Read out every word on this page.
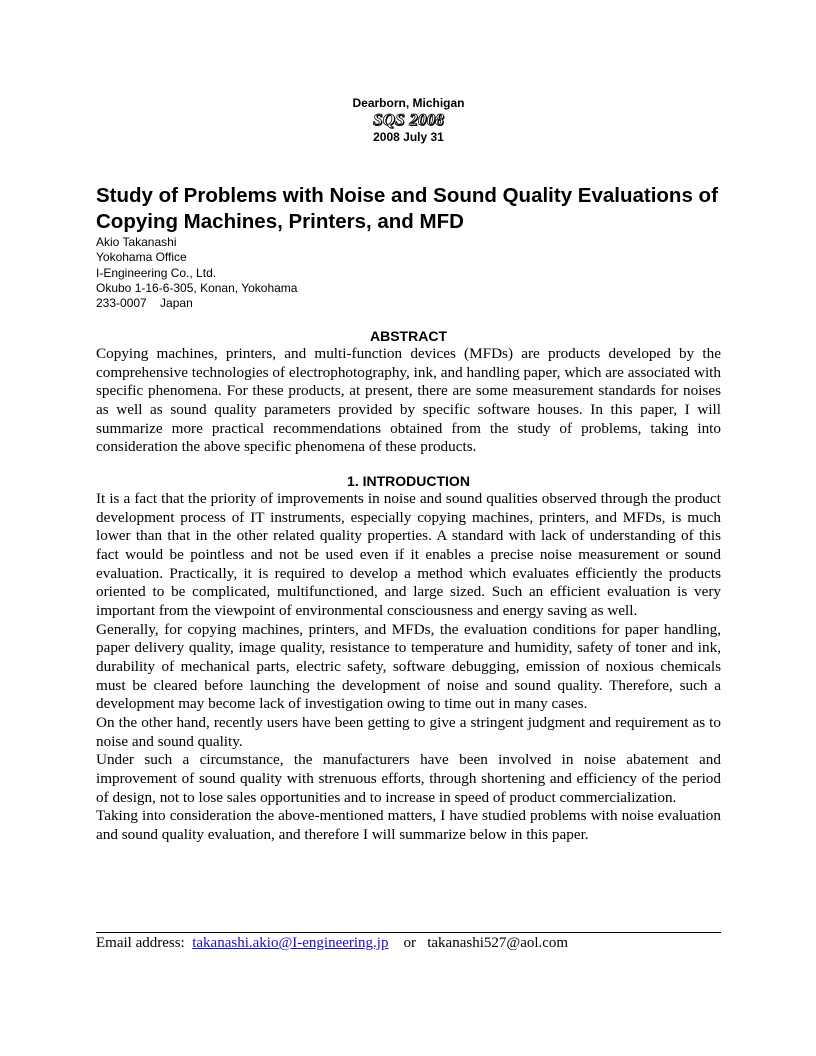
Dearborn, Michigan
SQS 2008
2008 July 31
Study of Problems with Noise and Sound Quality Evaluations of Copying Machines, Printers, and MFD
Akio Takanashi
Yokohama Office
I-Engineering Co., Ltd.
Okubo 1-16-6-305, Konan, Yokohama
233-0007    Japan
ABSTRACT

Copying machines, printers, and multi-function devices (MFDs) are products developed by the comprehensive technologies of electrophotography, ink, and handling paper, which are associated with specific phenomena. For these products, at present, there are some measurement standards for noises as well as sound quality parameters provided by specific software houses. In this paper, I will summarize more practical recommendations obtained from the study of problems, taking into consideration the above specific phenomena of these products.

1. INTRODUCTION

It is a fact that the priority of improvements in noise and sound qualities observed through the product development process of IT instruments, especially copying machines, printers, and MFDs, is much lower than that in the other related quality properties. A standard with lack of understanding of this fact would be pointless and not be used even if it enables a precise noise measurement or sound evaluation. Practically, it is required to develop a method which evaluates efficiently the products oriented to be complicated, multifunctioned, and large sized. Such an efficient evaluation is very important from the viewpoint of environmental consciousness and energy saving as well.

Generally, for copying machines, printers, and MFDs, the evaluation conditions for paper handling, paper delivery quality, image quality, resistance to temperature and humidity, safety of toner and ink, durability of mechanical parts, electric safety, software debugging, emission of noxious chemicals must be cleared before launching the development of noise and sound quality. Therefore, such a development may become lack of investigation owing to time out in many cases.

On the other hand, recently users have been getting to give a stringent judgment and requirement as to noise and sound quality.

Under such a circumstance, the manufacturers have been involved in noise abatement and improvement of sound quality with strenuous efforts, through shortening and efficiency of the period of design, not to lose sales opportunities and to increase in speed of product commercialization.

Taking into consideration the above-mentioned matters, I have studied problems with noise evaluation and sound quality evaluation, and therefore I will summarize below in this paper.

Email address: takanashi.akio@I-engineering.jp or takanashi527@aol.com
